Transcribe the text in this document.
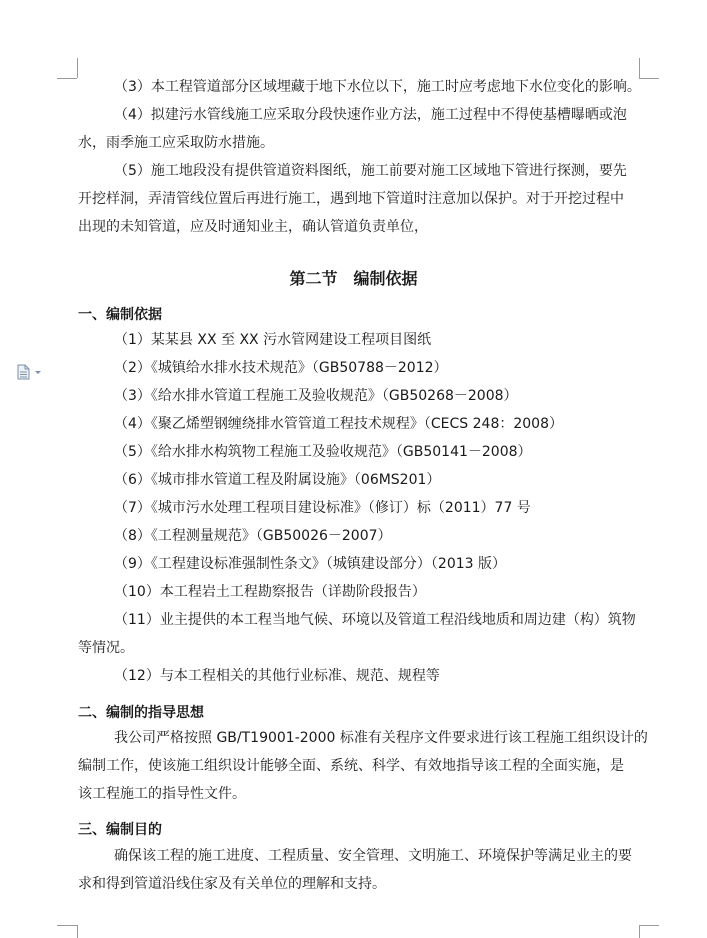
（3）本工程管道部分区域埋藏于地下水位以下，施工时应考虑地下水位变化的影响。
（4）拟建污水管线施工应采取分段快速作业方法，施工过程中不得使基槽曝晒或泡
水，雨季施工应采取防水措施。
（5）施工地段没有提供管道资料图纸，施工前要对施工区域地下管进行探测，要先
开挖样洞，弄清管线位置后再进行施工，遇到地下管道时注意加以保护。对于开挖过程中
出现的未知管道，应及时通知业主，确认管道负责单位，
第二节　编制依据
一、编制依据
（1）某某县 XX 至 XX 污水管网建设工程项目图纸
（2）《城镇给水排水技术规范》（GB50788－2012）
（3）《给水排水管道工程施工及验收规范》（GB50268－2008）
（4）《聚乙烯塑钢缠绕排水管管道工程技术规程》（CECS 248：2008）
（5）《给水排水构筑物工程施工及验收规范》（GB50141－2008）
（6）《城市排水管道工程及附属设施》（06MS201）
（7）《城市污水处理工程项目建设标准》（修订）标（2011）77 号
（8）《工程测量规范》（GB50026－2007）
（9）《工程建设标准强制性条文》（城镇建设部分）（2013 版）
（10）本工程岩土工程勘察报告（详勘阶段报告）
（11）业主提供的本工程当地气候、环境以及管道工程沿线地质和周边建（构）筑物
等情况。
（12）与本工程相关的其他行业标准、规范、规程等
二、编制的指导思想
我公司严格按照 GB/T19001-2000 标准有关程序文件要求进行该工程施工组织设计的
编制工作，使该施工组织设计能够全面、系统、科学、有效地指导该工程的全面实施，是
该工程施工的指导性文件。
三、编制目的
确保该工程的施工进度、工程质量、安全管理、文明施工、环境保护等满足业主的要
求和得到管道沿线住家及有关单位的理解和支持。
